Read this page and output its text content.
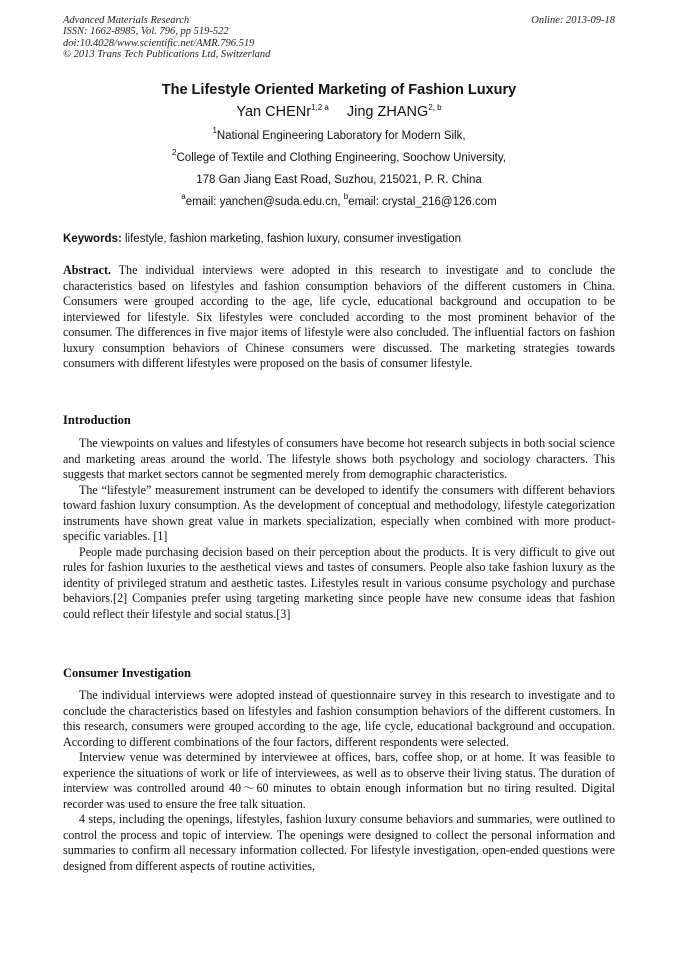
Advanced Materials Research
ISSN: 1662-8985, Vol. 796, pp 519-522
doi:10.4028/www.scientific.net/AMR.796.519
© 2013 Trans Tech Publications Ltd, Switzerland
Online: 2013-09-18
The Lifestyle Oriented Marketing of Fashion Luxury
Yan CHENr$^{1,2 a}$ Jing ZHANG$^{2, b}$
$^1$National Engineering Laboratory for Modern Silk,
$^2$College of Textile and Clothing Engineering, Soochow University,
178 Gan Jiang East Road, Suzhou, 215021, P. R. China
$^a$email: yanchen@suda.edu.cn, $^b$email: crystal_216@126.com
Keywords: lifestyle, fashion marketing, fashion luxury, consumer investigation

Abstract. The individual interviews were adopted in this research to investigate and to conclude the characteristics based on lifestyles and fashion consumption behaviors of the different customers in China. Consumers were grouped according to the age, life cycle, educational background and occupation to be interviewed for lifestyle. Six lifestyles were concluded according to the most prominent behavior of the consumer. The differences in five major items of lifestyle were also concluded. The influential factors on fashion luxury consumption behaviors of Chinese consumers were discussed. The marketing strategies towards consumers with different lifestyles were proposed on the basis of consumer lifestyle.

Introduction

The viewpoints on values and lifestyles of consumers have become hot research subjects in both social science and marketing areas around the world. The lifestyle shows both psychology and sociology characters. This suggests that market sectors cannot be segmented merely from demographic characteristics.

The “lifestyle” measurement instrument can be developed to identify the consumers with different behaviors toward fashion luxury consumption. As the development of conceptual and methodology, lifestyle categorization instruments have shown great value in markets specialization, especially when combined with more product-specific variables. [1]

People made purchasing decision based on their perception about the products. It is very difficult to give out rules for fashion luxuries to the aesthetical views and tastes of consumers. People also take fashion luxury as the identity of privileged stratum and aesthetic tastes. Lifestyles result in various consume psychology and purchase behaviors.[2] Companies prefer using targeting marketing since people have new consume ideas that fashion could reflect their lifestyle and social status.[3]

Consumer Investigation

The individual interviews were adopted instead of questionnaire survey in this research to investigate and to conclude the characteristics based on lifestyles and fashion consumption behaviors of the different customers. In this research, consumers were grouped according to the age, life cycle, educational background and occupation. According to different combinations of the four factors, different respondents were selected.

Interview venue was determined by interviewee at offices, bars, coffee shop, or at home. It was feasible to experience the situations of work or life of interviewees, as well as to observe their living status. The duration of interview was controlled around 40～60 minutes to obtain enough information but no tiring resulted. Digital recorder was used to ensure the free talk situation.

4 steps, including the openings, lifestyles, fashion luxury consume behaviors and summaries, were outlined to control the process and topic of interview. The openings were designed to collect the personal information and summaries to confirm all necessary information collected. For lifestyle investigation, open-ended questions were designed from different aspects of routine activities,
